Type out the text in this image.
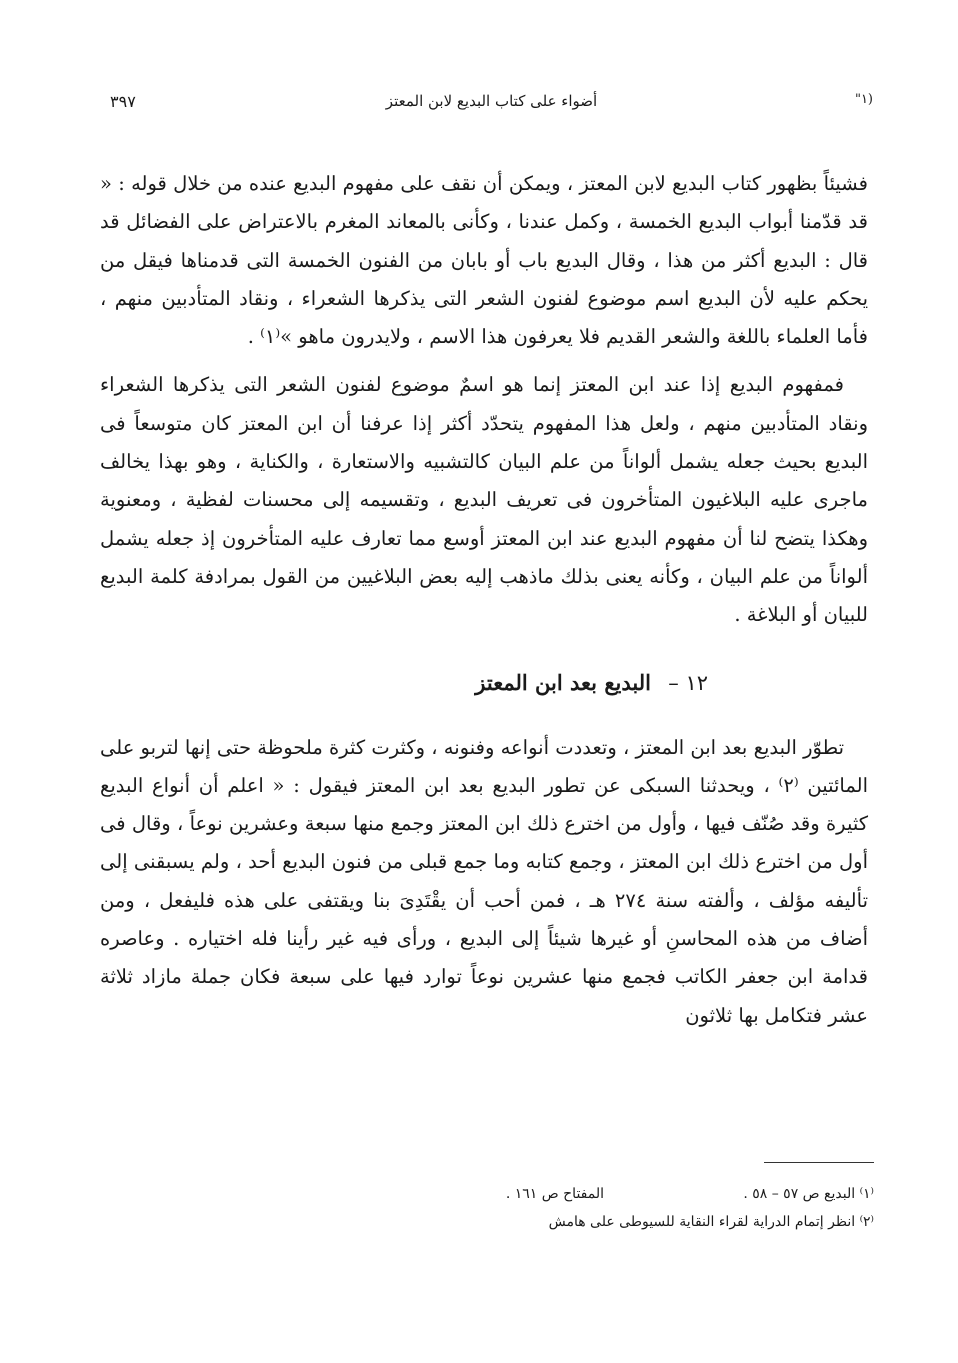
(١"
أضواء على كتاب البديع لابن المعتز
٣٩٧

فشيئاً بظهور كتاب البديع لابن المعتز ، ويمكن أن نقف على مفهوم البديع عنده من خلال قوله : « قد قدّمنا أبواب البديع الخمسة ، وكمل عندنا ، وكأنى بالمعاند المغرم بالاعتراض على الفضائل قد قال : البديع أكثر من هذا ، وقال البديع باب أو بابان من الفنون الخمسة التى قدمناها فيقل من يحكم عليه لأن البديع اسم موضوع لفنون الشعر التى يذكرها الشعراء ، ونقاد المتأدبين منهم ، فأما العلماء باللغة والشعر القديم فلا يعرفون هذا الاسم ، ولايدرون ماهو »⁽١⁾ .

فمفهوم البديع إذا عند ابن المعتز إنما هو اسمٌ موضوع لفنون الشعر التى يذكرها الشعراء ونقاد المتأدبين منهم ، ولعل هذا المفهوم يتحدّد أكثر إذا عرفنا أن ابن المعتز كان متوسعاً فى البديع بحيث جعله يشمل ألواناً من علم البيان كالتشبيه والاستعارة ، والكناية ، وهو بهذا يخالف ماجرى عليه البلاغيون المتأخرون فى تعريف البديع ، وتقسيمه إلى محسنات لفظية ، ومعنوية وهكذا يتضح لنا أن مفهوم البديع عند ابن المعتز أوسع مما تعارف عليه المتأخرون إذ جعله يشمل ألواناً من علم البيان ، وكأنه يعنى بذلك ماذهب إليه بعض البلاغيين من القول بمرادفة كلمة البديع للبيان أو البلاغة .

١٢ – البديع بعد ابن المعتز

تطوّر البديع بعد ابن المعتز ، وتعددت أنواعه وفنونه ، وكثرت كثرة ملحوظة حتى إنها لتربو على المائتين ⁽٢⁾ ، ويحدثنا السبكى عن تطور البديع بعد ابن المعتز فيقول : « اعلم أن أنواع البديع كثيرة وقد صُنّف فيها ، وأول من اخترع ذلك ابن المعتز وجمع منها سبعة وعشرين نوعاً ، وقال فى أول من اخترع ذلك ابن المعتز ، وجمع كتابه وما جمع قبلى من فنون البديع أحد ، ولم يسبقنى إلى تأليفه مؤلف ، وألفته سنة ٢٧٤ هـ ، فمن أحب أن يقْتَدِىَ بنا ويقتفى على هذه فليفعل ، ومن أضاف من هذه المحاسنِ أو غيرها شيئاً إلى البديع ، ورأى فيه غير رأينا فله اختياره . وعاصره قدامة ابن جعفر الكاتب فجمع منها عشرين نوعاً توارد فيها على سبعة فكان جملة مازاد ثلاثة عشر فتكامل بها ثلاثون

⁽١⁾ البديع ص ٥٧ – ٥٨ .
المفتاح ص ١٦١ .
⁽٢⁾ انظر إتمام الدراية لقراء النقاية للسيوطى على هامش
